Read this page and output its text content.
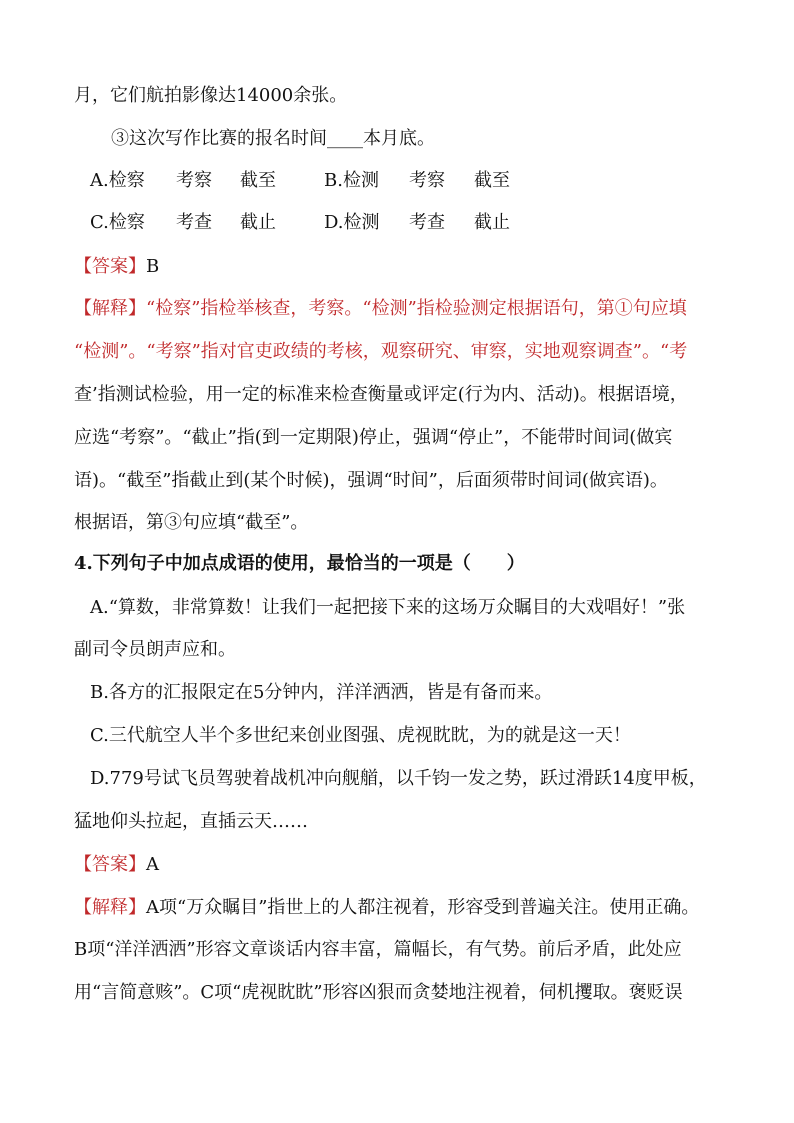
月，它们航拍影像达14000余张。
③这次写作比赛的报名时间____本月底。
A.检察 考察 截至	B.检测 考察 截至
C.检察 考查 截止	D.检测 考查 截止
【答案】B
【解释】“检察”指检举核查，考察。“检测”指检验测定根据语句，第①句应填
“检测”。“考察”指对官吏政绩的考核，观察研究、审察，实地观察调查”。“考
查’指测试检验，用一定的标准来检查衡量或评定(行为内、活动)。根据语境，
应选“考察”。“截止”指(到一定期限)停止，强调“停止”，不能带时间词(做宾
语)。“截至”指截止到(某个时候)，强调“时间”，后面须带时间词(做宾语)。
根据语，第③句应填“截至”。
4.下列句子中加点成语的使用，最恰当的一项是（　　）
A.“算数，非常算数！让我们一起把接下来的这场万众瞩目的大戏唱好！”张
副司令员朗声应和。
B.各方的汇报限定在5分钟内，洋洋洒洒，皆是有备而来。
C.三代航空人半个多世纪来创业图强、虎视眈眈，为的就是这一天！
D.779号试飞员驾驶着战机冲向舰艏，以千钧一发之势，跃过滑跃14度甲板，
猛地仰头拉起，直插云天……
【答案】A
【解释】A项“万众瞩目”指世上的人都注视着，形容受到普遍关注。使用正确。
B项“洋洋洒洒”形容文章谈话内容丰富，篇幅长，有气势。前后矛盾，此处应
用“言简意赅”。C项“虎视眈眈”形容凶狠而贪婪地注视着，伺机攫取。褒贬误
